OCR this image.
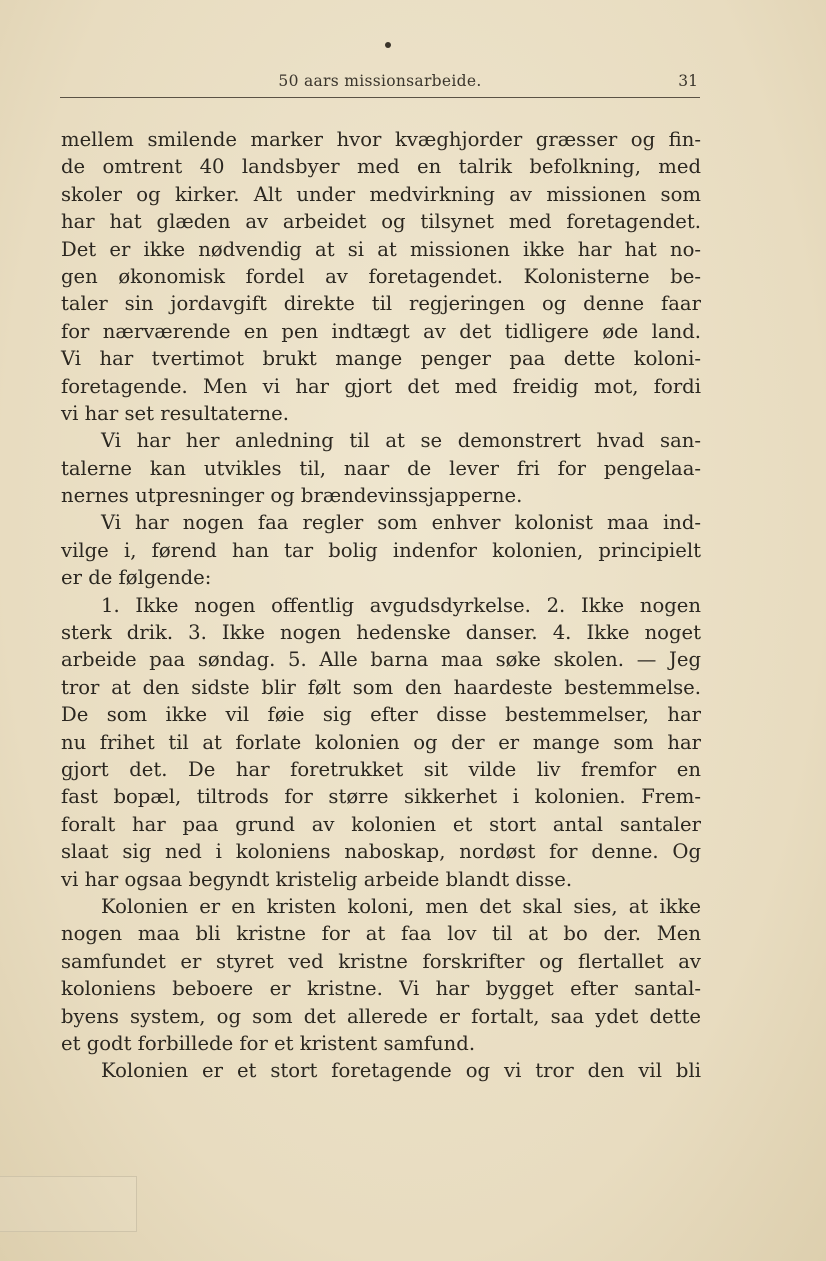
50 aars missionsarbeide.	31
mellem smilende marker hvor kvæghjorder græsser og fin-
de omtrent 40 landsbyer med en talrik befolkning, med
skoler og kirker. Alt under medvirkning av missionen som
har hat glæden av arbeidet og tilsynet med foretagendet.
Det er ikke nødvendig at si at missionen ikke har hat no-
gen økonomisk fordel av foretagendet. Kolonisterne be-
taler sin jordavgift direkte til regjeringen og denne faar
for nærværende en pen indtægt av det tidligere øde land.
Vi har tvertimot brukt mange penger paa dette koloni-
foretagende. Men vi har gjort det med freidig mot, fordi
vi har set resultaterne.
Vi har her anledning til at se demonstrert hvad san-
talerne kan utvikles til, naar de lever fri for pengelaa-
nernes utpresninger og brændevinssjapperne.
Vi har nogen faa regler som enhver kolonist maa ind-
vilge i, førend han tar bolig indenfor kolonien, principielt
er de følgende:
1. Ikke nogen offentlig avgudsdyrkelse. 2. Ikke nogen
sterk drik. 3. Ikke nogen hedenske danser. 4. Ikke noget
arbeide paa søndag. 5. Alle barna maa søke skolen. — Jeg
tror at den sidste blir følt som den haardeste bestemmelse.
De som ikke vil føie sig efter disse bestemmelser, har
nu frihet til at forlate kolonien og der er mange som har
gjort det. De har foretrukket sit vilde liv fremfor en
fast bopæl, tiltrods for større sikkerhet i kolonien. Frem-
foralt har paa grund av kolonien et stort antal santaler
slaat sig ned i koloniens naboskap, nordøst for denne. Og
vi har ogsaa begyndt kristelig arbeide blandt disse.
Kolonien er en kristen koloni, men det skal sies, at ikke
nogen maa bli kristne for at faa lov til at bo der. Men
samfundet er styret ved kristne forskrifter og flertallet av
koloniens beboere er kristne. Vi har bygget efter santal-
byens system, og som det allerede er fortalt, saa ydet dette
et godt forbillede for et kristent samfund.
Kolonien er et stort foretagende og vi tror den vil bli
